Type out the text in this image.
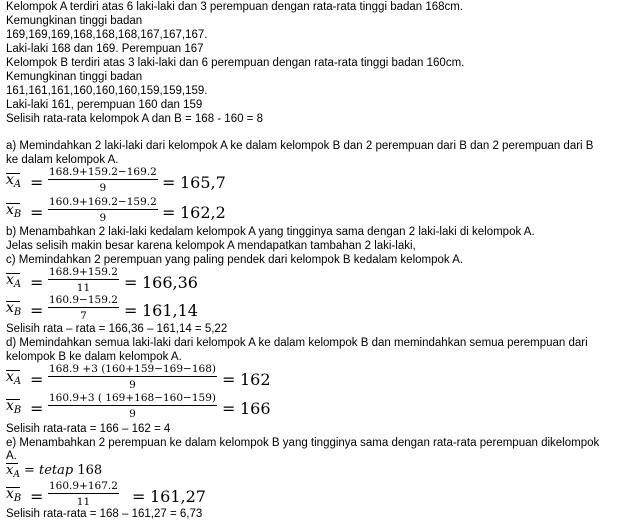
Kelompok A terdiri atas 6 laki-laki dan 3 perempuan dengan rata-rata tinggi badan 168cm.
Kemungkinan tinggi badan
169,169,169,168,168,168,167,167,167.
Laki-laki 168 dan 169. Perempuan 167
Kelompok B terdiri atas 3 laki-laki dan 6 perempuan dengan rata-rata tinggi badan 160cm.
Kemungkinan tinggi badan
161,161,161,160,160,160,159,159,159.
Laki-laki 161, perempuan 160 dan 159
Selisih rata-rata kelompok A dan B = 168 - 160 = 8
a) Memindahkan 2 laki-laki dari kelompok A ke dalam kelompok B dan 2 perempuan dari B dan 2 perempuan dari B
ke dalam kelompok A.
$x_A = \frac{168.9+159.2-169.2}{9} = 165,7$
$x_B = \frac{160.9+169.2-159.2}{9} = 162,2$
b) Menambahkan 2 laki-laki kedalam kelompok A yang tingginya sama dengan 2 laki-laki di kelompok A.
Jelas selisih makin besar karena kelompok A mendapatkan tambahan 2 laki-laki,
c) Memindahkan 2 perempuan yang paling pendek dari kelompok B kedalam kelompok A.
$x_A = \frac{168.9+159.2}{11} = 166,36$
$x_B = \frac{160.9-159.2}{7} = 161,14$
Selisih rata – rata = 166,36 – 161,14 = 5,22
d) Memindahkan semua laki-laki dari kelompok A ke dalam kelompok B dan memindahkan semua perempuan dari
kelompok B ke dalam kelompok A.
$x_A = \frac{168.9 +3 (160+159-169-168)}{9} = 162$
$x_B = \frac{160.9+3 ( 169+168-160-159)}{9} = 166$
Selisih rata-rata = 166 – 162 = 4
e) Menambahkan 2 perempuan ke dalam kelompok B yang tingginya sama dengan rata-rata perempuan dikelompok
A.
$x_A$ = tetap 168
$x_B = \frac{160.9+167.2}{11} = 161,27$
Selisih rata-rata = 168 – 161,27 = 6,73
